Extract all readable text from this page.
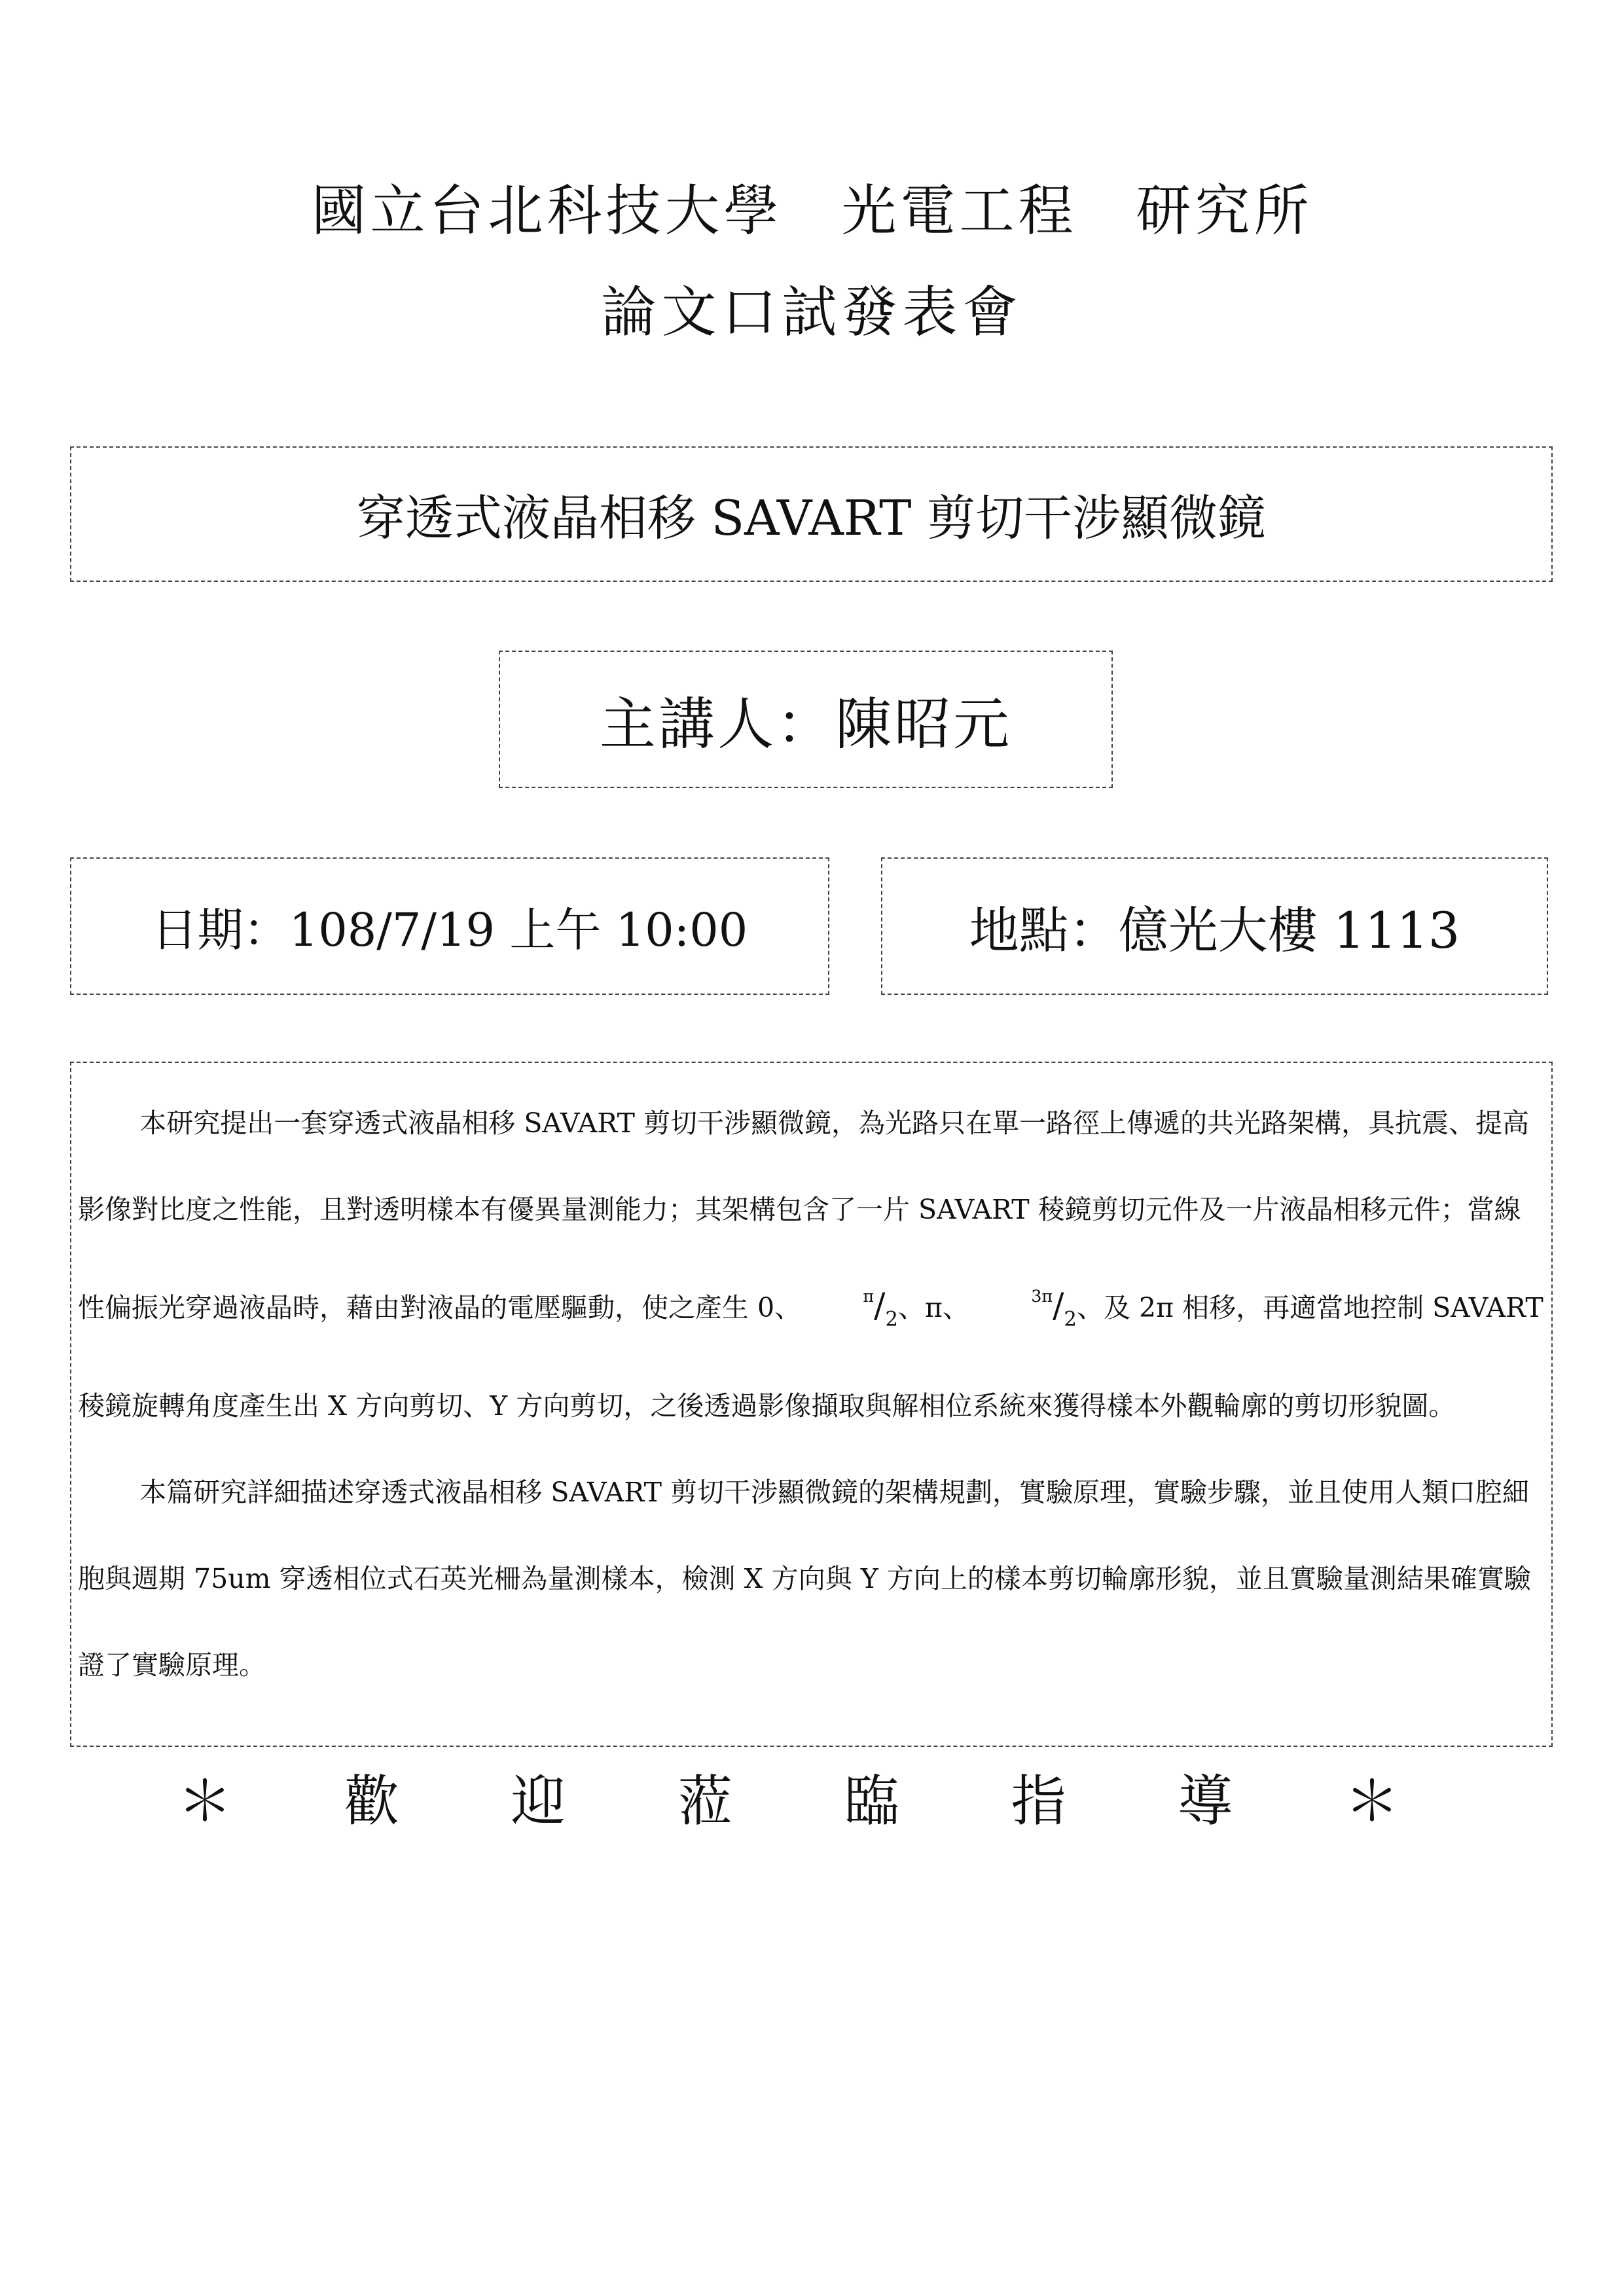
國立台北科技大學　光電工程　研究所
論文口試發表會
穿透式液晶相移 SAVART 剪切干涉顯微鏡
主講人：陳昭元
日期：108/7/19 上午 10:00	地點：億光大樓 1113

本研究提出一套穿透式液晶相移 SAVART 剪切干涉顯微鏡，為光路只在單一路徑上傳遞的共光路架構，具抗震、提高影像對比度之性能，且對透明樣本有優異量測能力；其架構包含了一片 SAVART 稜鏡剪切元件及一片液晶相移元件；當線性偏振光穿過液晶時，藉由對液晶的電壓驅動，使之產生 0、	$^\pi/_2$、π、	$^{3\pi}/_2$、及 2π 相移，再適當地控制 SAVART 稜鏡旋轉角度產生出 X 方向剪切、Y 方向剪切，之後透過影像擷取與解相位系統來獲得樣本外觀輪廓的剪切形貌圖。

本篇研究詳細描述穿透式液晶相移 SAVART 剪切干涉顯微鏡的架構規劃，實驗原理，實驗步驟，並且使用人類口腔細胞與週期 75um 穿透相位式石英光柵為量測樣本，檢測 X 方向與 Y 方向上的樣本剪切輪廓形貌，並且實驗量測結果確實驗證了實驗原理。

＊ 歡 迎 蒞 臨 指 導 ＊
